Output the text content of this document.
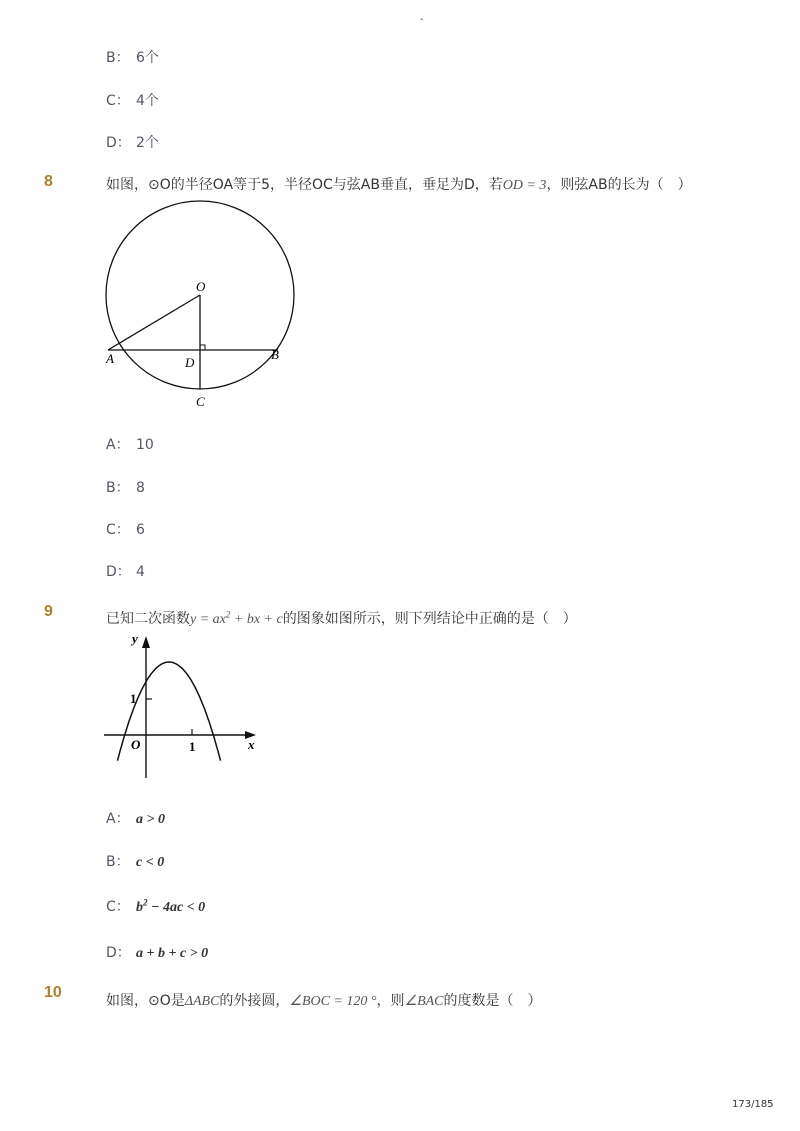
-
B： 6个
C： 4个
D： 2个
8	如图，⊙O的半径OA等于5，半径OC与弦AB垂直，垂足为D，若OD = 3，则弦AB的长为（　）
O
A	B
D
C
A： 10
B： 8
C： 6
D： 4
9	已知二次函数$y = ax^2$ + bx + c的图象如图所示，则下列结论中正确的是（　）
y
x
O
1
1
A： a > 0
B： c < 0
C： $b^2 - 4ac < 0$
D： a + b + c > 0
10	如图，⊙O是ΔABC的外接圆，∠BOC = 120 °，则∠BAC的度数是（　）
173/185
